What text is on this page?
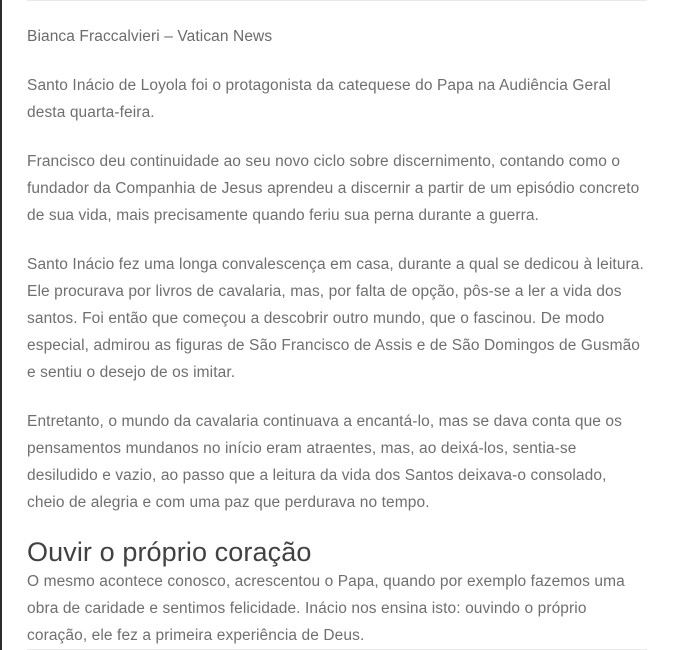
Bianca Fraccalvieri – Vatican News

Santo Inácio de Loyola foi o protagonista da catequese do Papa na Audiência Geral desta quarta-feira.

Francisco deu continuidade ao seu novo ciclo sobre discernimento, contando como o fundador da Companhia de Jesus aprendeu a discernir a partir de um episódio concreto de sua vida, mais precisamente quando feriu sua perna durante a guerra.

Santo Inácio fez uma longa convalescença em casa, durante a qual se dedicou à leitura. Ele procurava por livros de cavalaria, mas, por falta de opção, pôs-se a ler a vida dos santos. Foi então que começou a descobrir outro mundo, que o fascinou. De modo especial, admirou as figuras de São Francisco de Assis e de São Domingos de Gusmão e sentiu o desejo de os imitar.

Entretanto, o mundo da cavalaria continuava a encantá-lo, mas se dava conta que os pensamentos mundanos no início eram atraentes, mas, ao deixá-los, sentia-se desiludido e vazio, ao passo que a leitura da vida dos Santos deixava-o consolado, cheio de alegria e com uma paz que perdurava no tempo.

Ouvir o próprio coração

O mesmo acontece conosco, acrescentou o Papa, quando por exemplo fazemos uma obra de caridade e sentimos felicidade. Inácio nos ensina isto: ouvindo o próprio coração, ele fez a primeira experiência de Deus.
